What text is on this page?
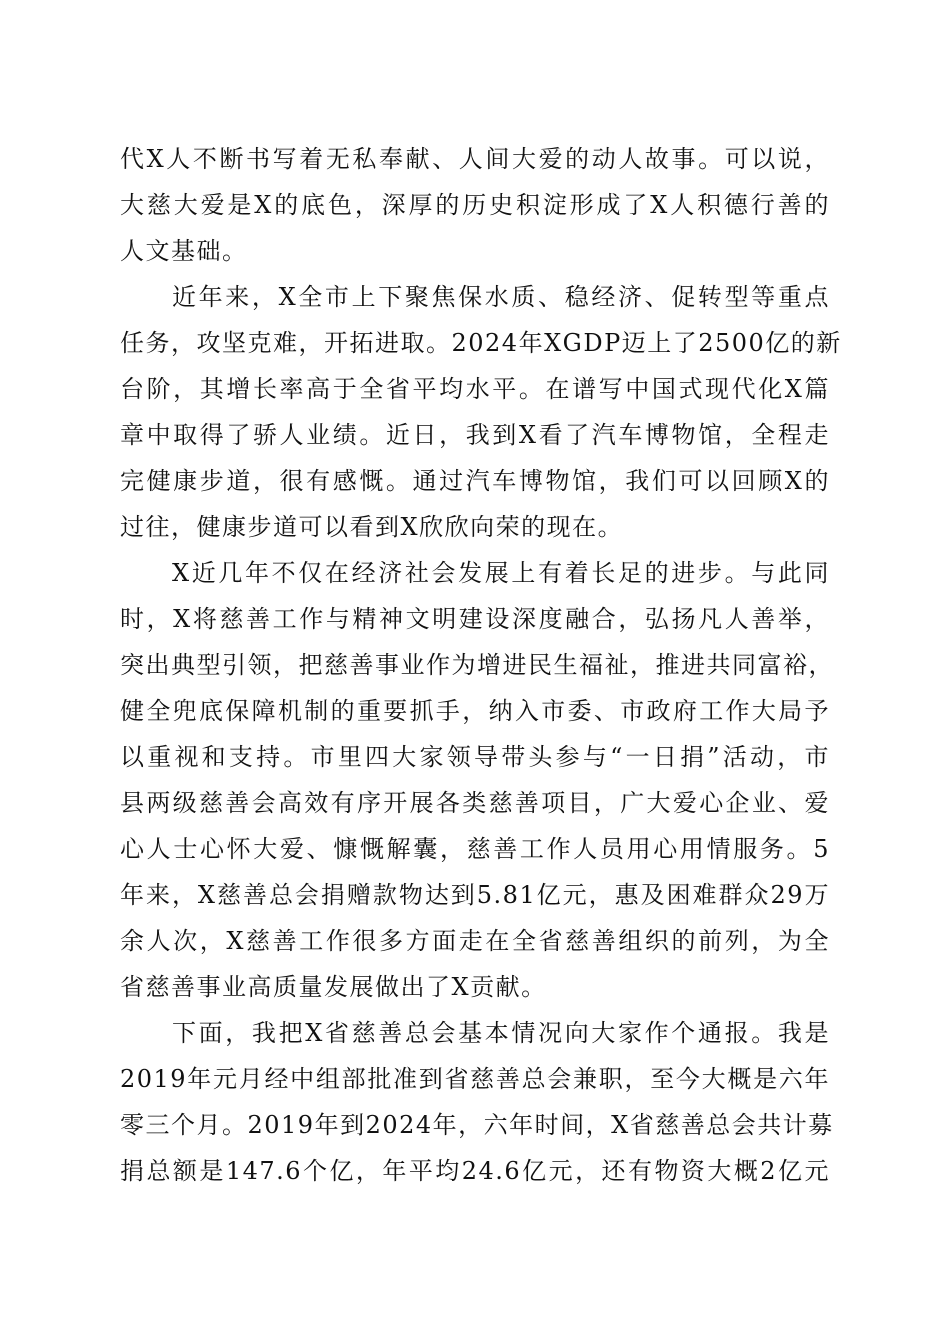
代X人不断书写着无私奉献、人间大爱的动人故事。可以说，
大慈大爱是X的底色，深厚的历史积淀形成了X人积德行善的
人文基础。
近年来，X全市上下聚焦保水质、稳经济、促转型等重点
任务，攻坚克难，开拓进取。2024年XGDP迈上了2500亿的新
台阶，其增长率高于全省平均水平。在谱写中国式现代化X篇
章中取得了骄人业绩。近日，我到X看了汽车博物馆，全程走
完健康步道，很有感慨。通过汽车博物馆，我们可以回顾X的
过往，健康步道可以看到X欣欣向荣的现在。
X近几年不仅在经济社会发展上有着长足的进步。与此同
时，X将慈善工作与精神文明建设深度融合，弘扬凡人善举，
突出典型引领，把慈善事业作为增进民生福祉，推进共同富裕，
健全兜底保障机制的重要抓手，纳入市委、市政府工作大局予
以重视和支持。市里四大家领导带头参与“一日捐”活动，市
县两级慈善会高效有序开展各类慈善项目，广大爱心企业、爱
心人士心怀大爱、慷慨解囊，慈善工作人员用心用情服务。5
年来，X慈善总会捐赠款物达到5.81亿元，惠及困难群众29万
余人次，X慈善工作很多方面走在全省慈善组织的前列，为全
省慈善事业高质量发展做出了X贡献。
下面，我把X省慈善总会基本情况向大家作个通报。我是
2019年元月经中组部批准到省慈善总会兼职，至今大概是六年
零三个月。2019年到2024年，六年时间，X省慈善总会共计募
捐总额是147.6个亿，年平均24.6亿元，还有物资大概2亿元
